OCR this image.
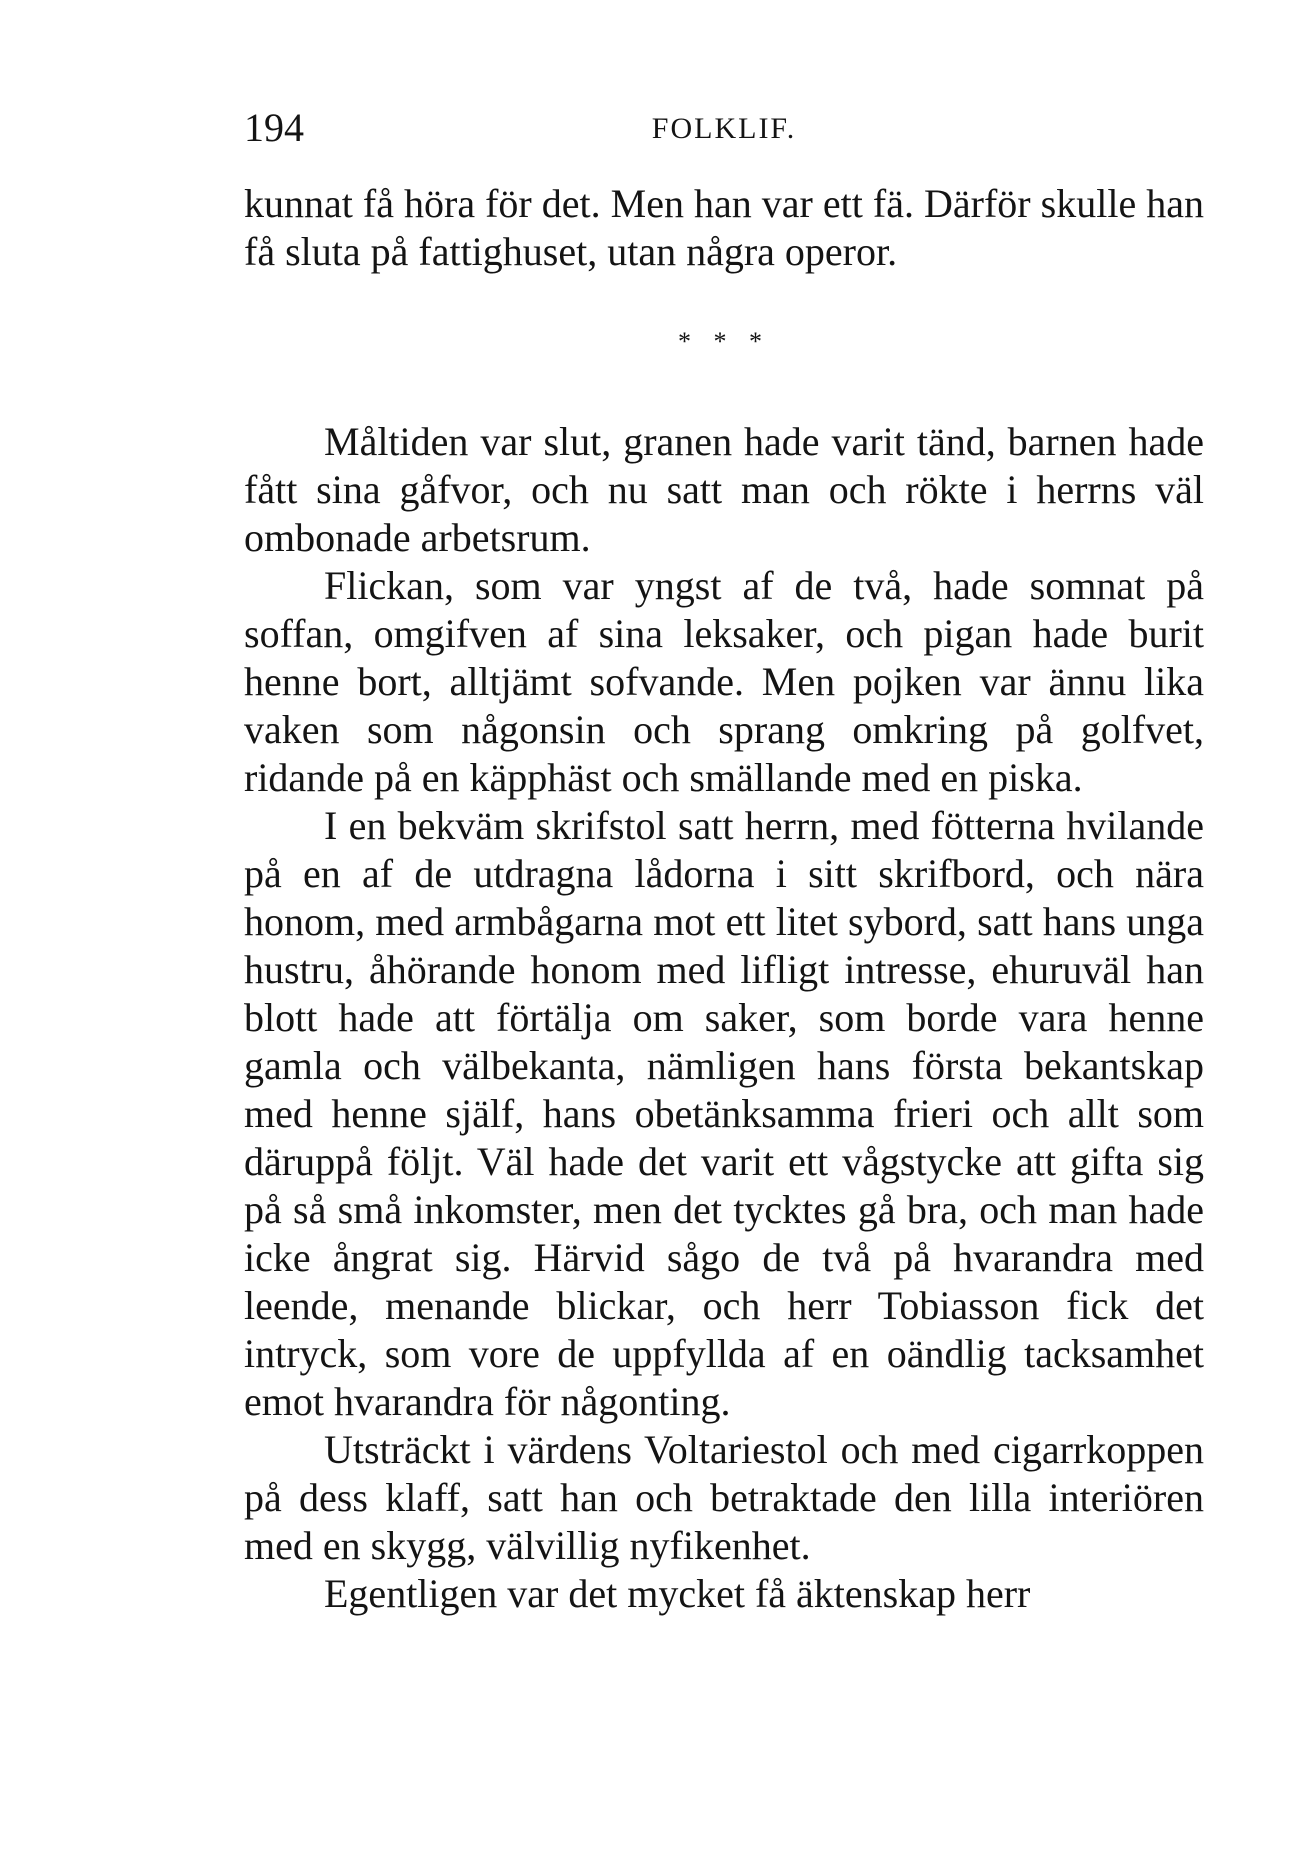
194	FOLKLIF.

kunnat få höra för det. Men han var ett fä. Därför skulle han få sluta på fattighuset, utan några operor.

* * *

Måltiden var slut, granen hade varit tänd, barnen hade fått sina gåfvor, och nu satt man och rökte i herrns väl ombonade arbetsrum.

Flickan, som var yngst af de två, hade somnat på soffan, omgifven af sina leksaker, och pigan hade burit henne bort, alltjämt sofvande. Men pojken var ännu lika vaken som någonsin och sprang omkring på golfvet, ridande på en käpphäst och smällande med en piska.

I en bekväm skrifstol satt herrn, med fötterna hvilande på en af de utdragna lådorna i sitt skrifbord, och nära honom, med armbågarna mot ett litet sybord, satt hans unga hustru, åhörande honom med lifligt intresse, ehuruväl han blott hade att förtälja om saker, som borde vara henne gamla och välbekanta, nämligen hans första bekantskap med henne själf, hans obetänksamma frieri och allt som däruppå följt. Väl hade det varit ett vågstycke att gifta sig på så små inkomster, men det tycktes gå bra, och man hade icke ångrat sig. Härvid sågo de två på hvarandra med leende, menande blickar, och herr Tobiasson fick det intryck, som vore de uppfyllda af en oändlig tacksamhet emot hvarandra för någonting.

Utsträckt i värdens Voltariestol och med cigarrkoppen på dess klaff, satt han och betraktade den lilla interiören med en skygg, välvillig nyfikenhet.

Egentligen var det mycket få äktenskap herr
